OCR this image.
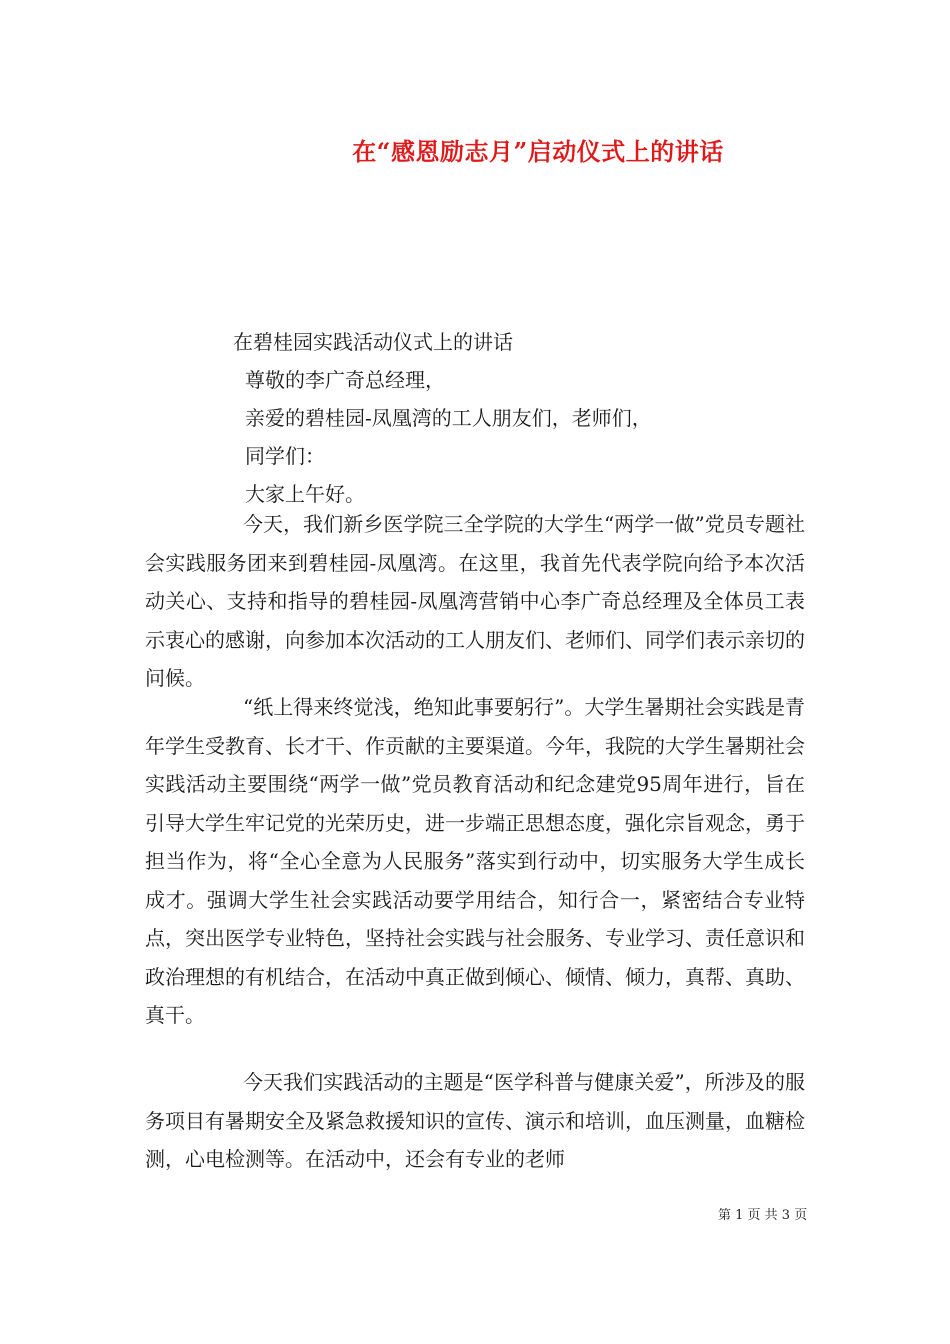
在“感恩励志月”启动仪式上的讲话
在碧桂园实践活动仪式上的讲话
尊敬的李广奇总经理，
亲爱的碧桂园-凤凰湾的工人朋友们，老师们，
同学们：
大家上午好。

今天，我们新乡医学院三全学院的大学生“两学一做”党员专题社会实践服务团来到碧桂园-凤凰湾。在这里，我首先代表学院向给予本次活动关心、支持和指导的碧桂园-凤凰湾营销中心李广奇总经理及全体员工表示衷心的感谢，向参加本次活动的工人朋友们、老师们、同学们表示亲切的问候。

“纸上得来终觉浅，绝知此事要躬行”。大学生暑期社会实践是青年学生受教育、长才干、作贡献的主要渠道。今年，我院的大学生暑期社会实践活动主要围绕“两学一做”党员教育活动和纪念建党95周年进行，旨在引导大学生牢记党的光荣历史，进一步端正思想态度，强化宗旨观念，勇于担当作为，将“全心全意为人民服务”落实到行动中，切实服务大学生成长成才。强调大学生社会实践活动要学用结合，知行合一，紧密结合专业特点，突出医学专业特色，坚持社会实践与社会服务、专业学习、责任意识和政治理想的有机结合，在活动中真正做到倾心、倾情、倾力，真帮、真助、真干。

今天我们实践活动的主题是“医学科普与健康关爱”，所涉及的服务项目有暑期安全及紧急救援知识的宣传、演示和培训，血压测量，血糖检测，心电检测等。在活动中，还会有专业的老师

第 1 页 共 3 页
